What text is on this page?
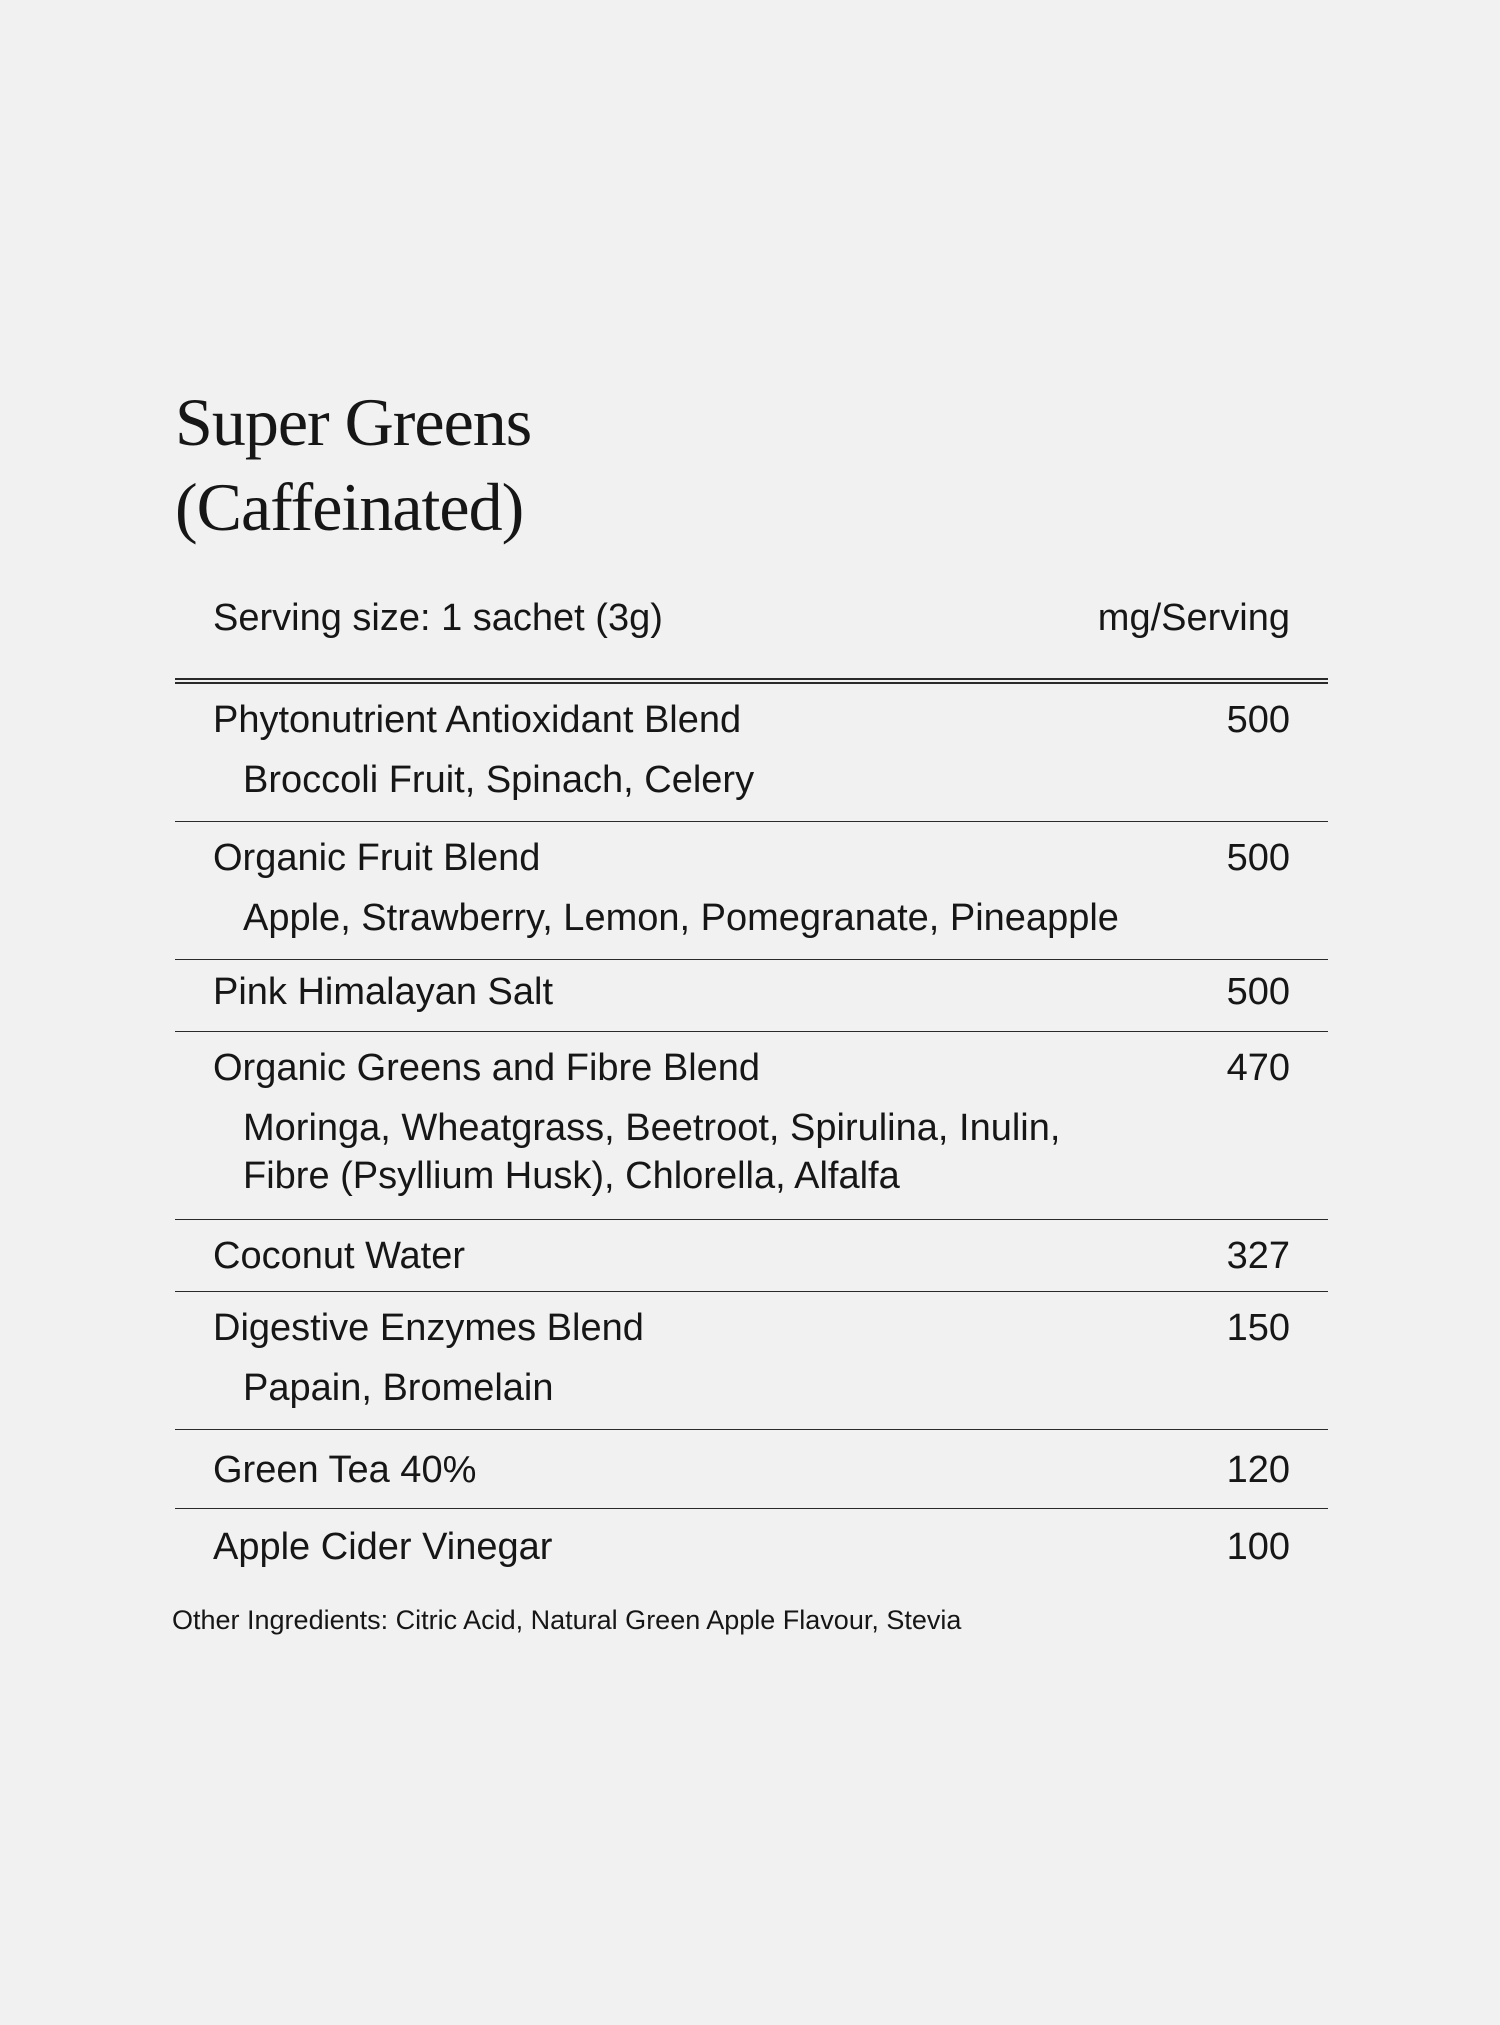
Super Greens
(Caffeinated)
Serving size: 1 sachet (3g)	mg/Serving
Phytonutrient Antioxidant Blend	500
Broccoli Fruit, Spinach, Celery
Organic Fruit Blend	500
Apple, Strawberry, Lemon, Pomegranate, Pineapple
Pink Himalayan Salt	500
Organic Greens and Fibre Blend	470
Moringa, Wheatgrass, Beetroot, Spirulina, Inulin, Fibre (Psyllium Husk), Chlorella, Alfalfa
Coconut Water	327
Digestive Enzymes Blend	150
Papain, Bromelain
Green Tea 40%	120
Apple Cider Vinegar	100
Other Ingredients: Citric Acid, Natural Green Apple Flavour, Stevia
